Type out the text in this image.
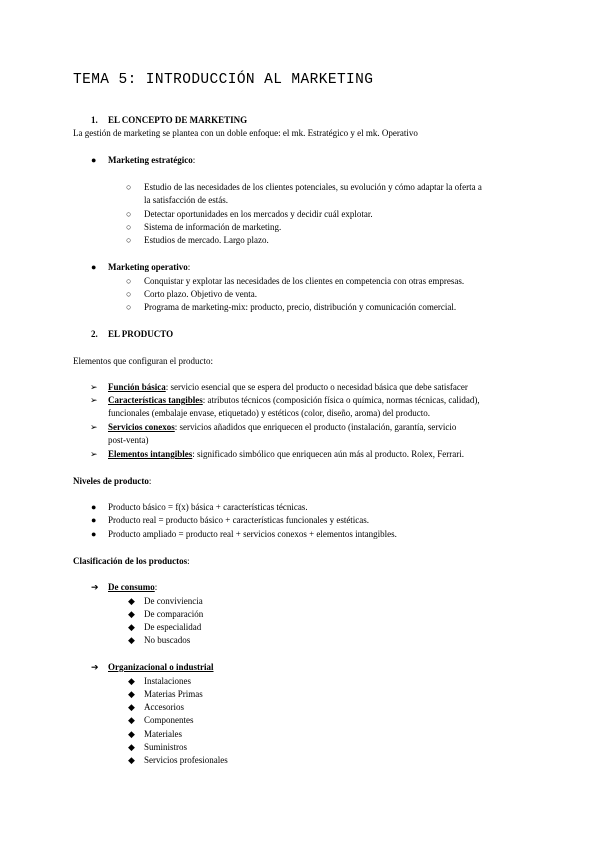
TEMA 5: INTRODUCCIÓN AL MARKETING
1. EL CONCEPTO DE MARKETING
La gestión de marketing se plantea con un doble enfoque: el mk. Estratégico y el mk. Operativo
● Marketing estratégico:
○ Estudio de las necesidades de los clientes potenciales, su evolución y cómo adaptar la oferta a
la satisfacción de estás.
○ Detectar oportunidades en los mercados y decidir cuál explotar.
○ Sistema de información de marketing.
○ Estudios de mercado. Largo plazo.
● Marketing operativo:
○ Conquistar y explotar las necesidades de los clientes en competencia con otras empresas.
○ Corto plazo. Objetivo de venta.
○ Programa de marketing-mix: producto, precio, distribución y comunicación comercial.
2. EL PRODUCTO
Elementos que configuran el producto:
➢ Función básica: servicio esencial que se espera del producto o necesidad básica que debe satisfacer
➢ Características tangibles: atributos técnicos (composición física o química, normas técnicas, calidad),
funcionales (embalaje envase, etiquetado) y estéticos (color, diseño, aroma) del producto.
➢ Servicios conexos: servicios añadidos que enriquecen el producto (instalación, garantía, servicio
post-venta)
➢ Elementos intangibles: significado simbólico que enriquecen aún más al producto. Rolex, Ferrari.
Niveles de producto:
● Producto básico = f(x) básica + características técnicas.
● Producto real = producto básico + características funcionales y estéticas.
● Producto ampliado = producto real + servicios conexos + elementos intangibles.
Clasificación de los productos:
➔ De consumo:
◆ De conviviencia
◆ De comparación
◆ De especialidad
◆ No buscados
➔ Organizacional o industrial
◆ Instalaciones
◆ Materias Primas
◆ Accesorios
◆ Componentes
◆ Materiales
◆ Suministros
◆ Servicios profesionales
